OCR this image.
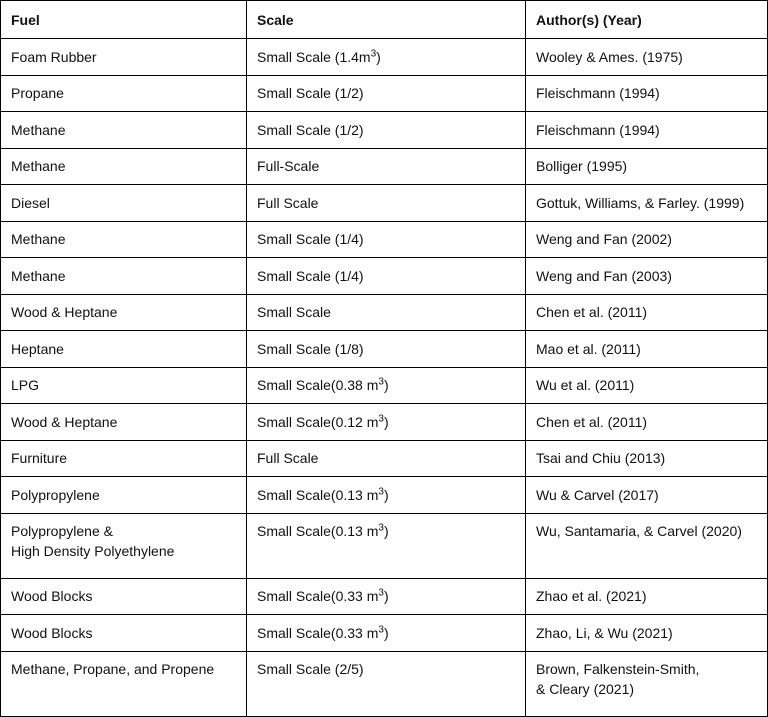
Fuel	Scale	Author(s) (Year)

Foam Rubber	Small Scale $(1.4m^3)$	Wooley & Ames. (1975)

Propane	Small Scale (1/2)	Fleischmann (1994)

Methane	Small Scale (1/2)	Fleischmann (1994)

Methane	Full-Scale	Bolliger (1995)

Diesel	Full Scale	Gottuk, Williams, & Farley. (1999)

Methane	Small Scale (1/4)	Weng and Fan (2002)

Methane	Small Scale (1/4)	Weng and Fan (2003)

Wood & Heptane	Small Scale	Chen et al. (2011)

Heptane	Small Scale (1/8)	Mao et al. (2011)

LPG	Small Scale(0.38 $m^3$)	Wu et al. (2011)

Wood & Heptane	Small Scale(0.12 $m^3$)	Chen et al. (2011)

Furniture	Full Scale	Tsai and Chiu (2013)

Polypropylene	Small Scale(0.13 $m^3$)	Wu & Carvel (2017)

Polypropylene &
High Density Polyethylene	Small Scale(0.13 $m^3$)	Wu, Santamaria, & Carvel (2020)

Wood Blocks	Small Scale(0.33 $m^3$)	Zhao et al. (2021)

Wood Blocks	Small Scale(0.33 $m^3$)	Zhao, Li, & Wu (2021)

Methane, Propane, and Propene	Small Scale (2/5)	Brown, Falkenstein-Smith,
& Cleary (2021)
